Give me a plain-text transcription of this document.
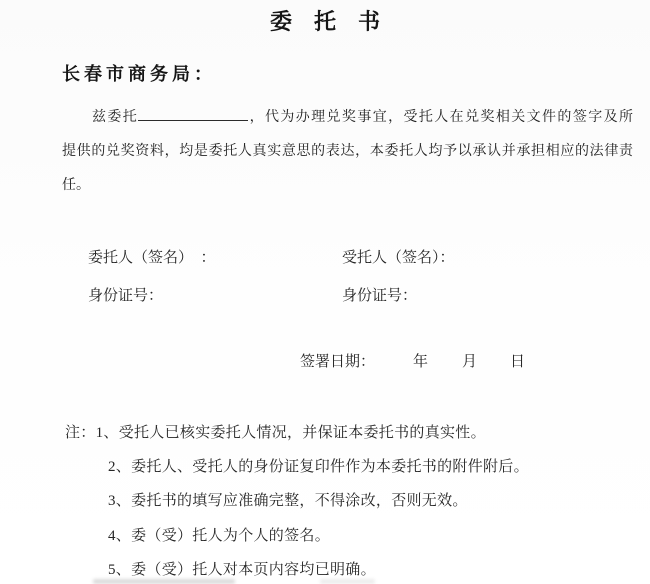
委　托　书
长春市商务局：
兹委托	，代为办理兑奖事宜，受托人在兑奖相关文件的签字及所
提供的兑奖资料，均是委托人真实意思的表达，本委托人均予以承认并承担相应的法律责
任。
委托人（签名）　：	受托人（签名）：
身份证号：	身份证号：
签署日期：	年 月 日
注：1、受托人已核实委托人情况，并保证本委托书的真实性。
2、委托人、受托人的身份证复印件作为本委托书的附件附后。
3、委托书的填写应准确完整，不得涂改，否则无效。
4、委（受）托人为个人的签名。
5、委（受）托人对本页内容均已明确。
